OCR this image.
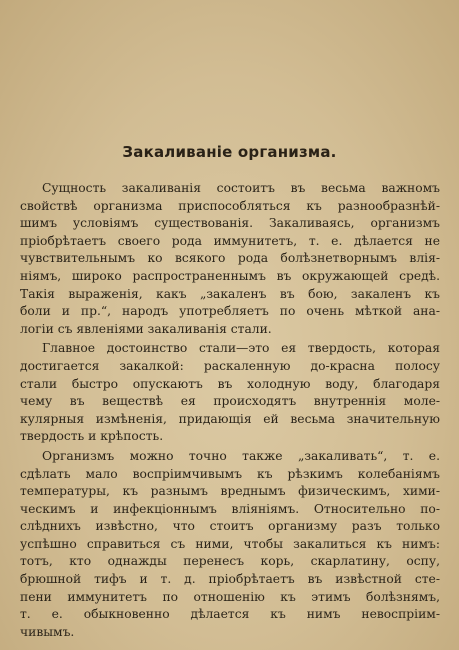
Закаливаніе организма.
Сущность закаливанія состоитъ въ весьма важномъ
свойствѣ организма приспособляться къ разнообразнѣй-
шимъ условіямъ существованія. Закаливаясь, организмъ
пріобрѣтаетъ своего рода иммунитетъ, т. е. дѣлается не
чувствительнымъ ко всякого рода болѣзнетворнымъ влія-
ніямъ, широко распространеннымъ въ окружающей средѣ.
Такія выраженія, какъ „закаленъ въ бою, закаленъ къ
боли и пр.“, народъ употребляетъ по очень мѣткой ана-
логіи съ явленіями закаливанія стали.
Главное достоинство стали—это ея твердость, которая
достигается закалкой: раскаленную до-красна полосу
стали быстро опускаютъ въ холодную воду, благодаря
чему въ веществѣ ея происходятъ внутреннія моле-
кулярныя измѣненія, придающія ей весьма значительную
твердость и крѣпость.
Организмъ можно точно также „закаливать“, т. е.
сдѣлать мало воспріимчивымъ къ рѣзкимъ колебаніямъ
температуры, къ разнымъ вреднымъ физическимъ, хими-
ческимъ и инфекціоннымъ вліяніямъ. Относительно по-
слѣднихъ извѣстно, что стоитъ организму разъ только
успѣшно справиться съ ними, чтобы закалиться къ нимъ:
тотъ, кто однажды перенесъ корь, скарлатину, оспу,
брюшной тифъ и т. д. пріобрѣтаетъ въ извѣстной сте-
пени иммунитетъ по отношенію къ этимъ болѣзнямъ,
т. е. обыкновенно дѣлается къ нимъ невоспріим-
чивымъ.
